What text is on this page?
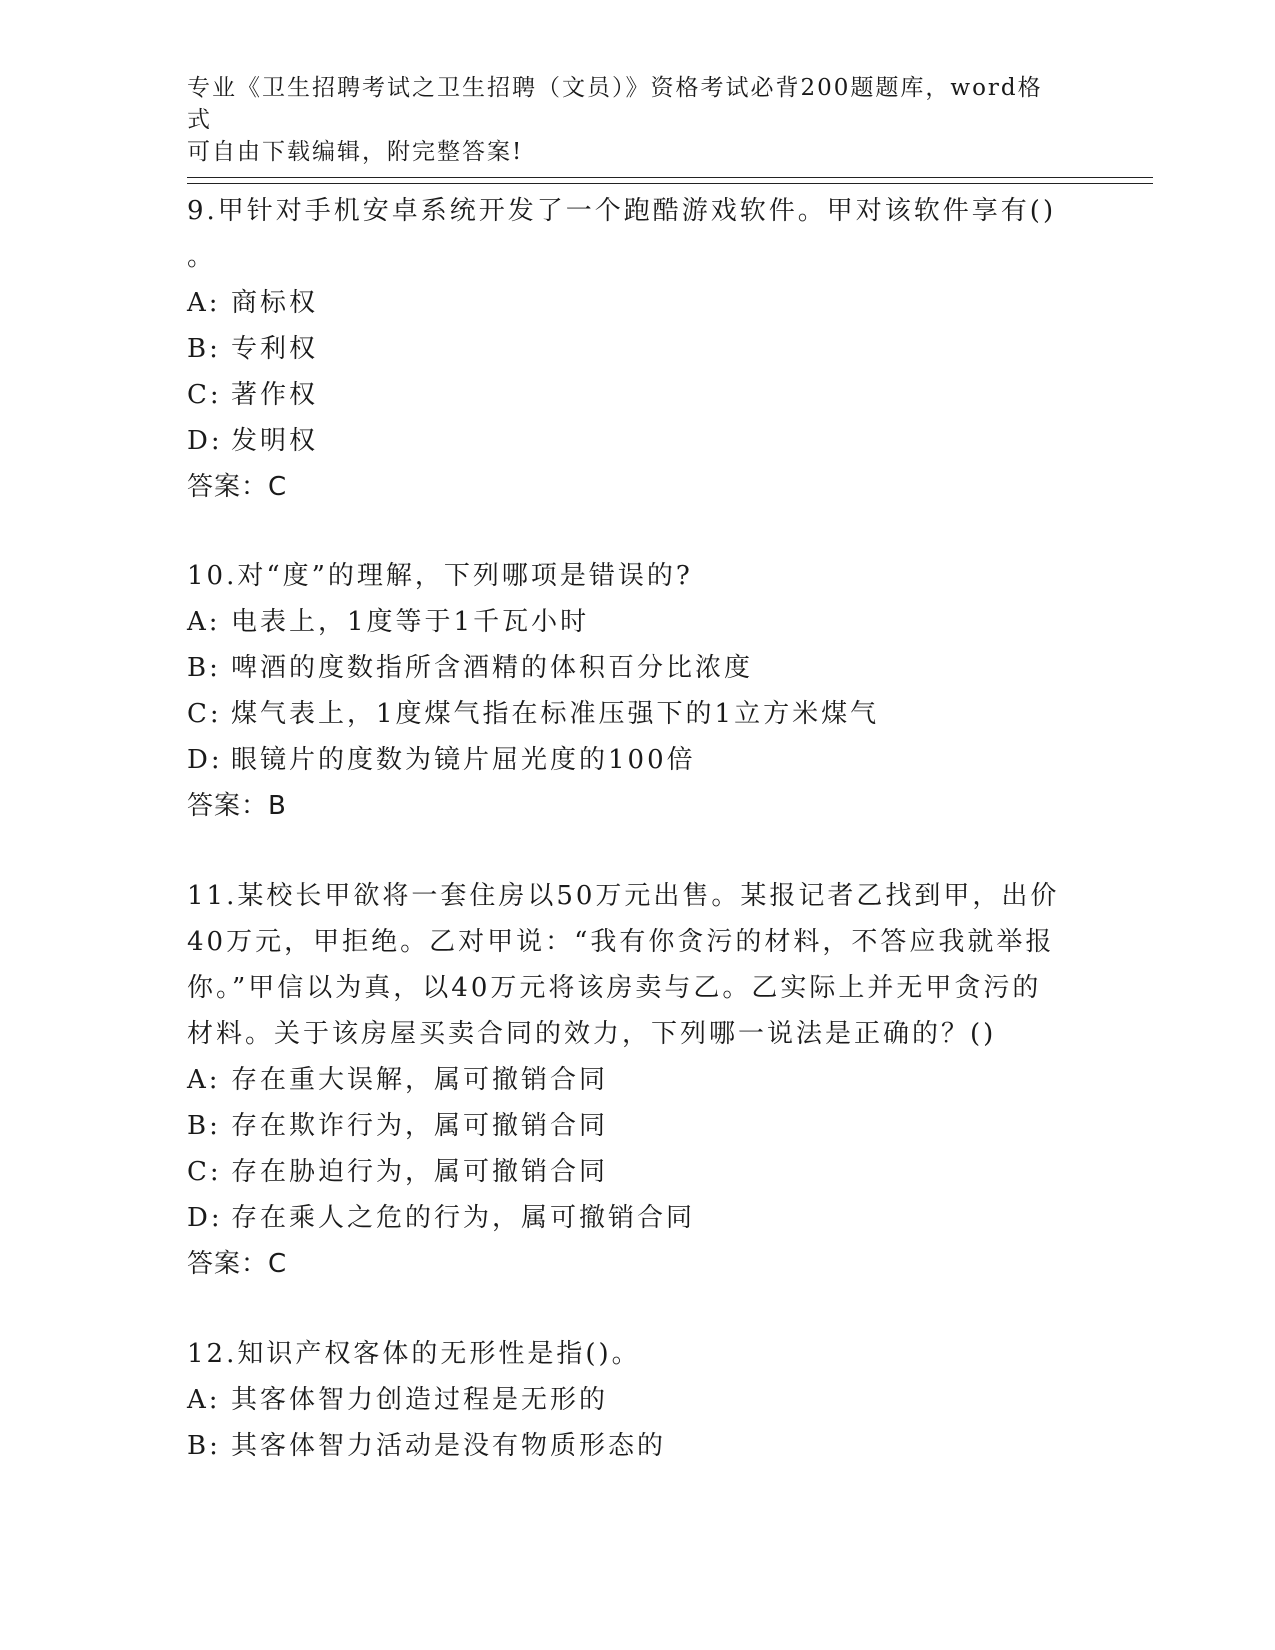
专业《卫生招聘考试之卫生招聘（文员）》资格考试必背200题题库，word格式
可自由下载编辑，附完整答案!
9.甲针对手机安卓系统开发了一个跑酷游戏软件。甲对该软件享有()
。
A: 商标权
B: 专利权
C: 著作权
D: 发明权
答案：C
10.对“度”的理解，下列哪项是错误的?
A: 电表上，1度等于1千瓦小时
B: 啤酒的度数指所含酒精的体积百分比浓度
C: 煤气表上，1度煤气指在标准压强下的1立方米煤气
D: 眼镜片的度数为镜片屈光度的100倍
答案：B
11.某校长甲欲将一套住房以50万元出售。某报记者乙找到甲，出价
40万元，甲拒绝。乙对甲说：“我有你贪污的材料，不答应我就举报
你。”甲信以为真，以40万元将该房卖与乙。乙实际上并无甲贪污的
材料。关于该房屋买卖合同的效力，下列哪一说法是正确的？()
A: 存在重大误解，属可撤销合同
B: 存在欺诈行为，属可撤销合同
C: 存在胁迫行为，属可撤销合同
D: 存在乘人之危的行为，属可撤销合同
答案：C
12.知识产权客体的无形性是指()。
A: 其客体智力创造过程是无形的
B: 其客体智力活动是没有物质形态的
